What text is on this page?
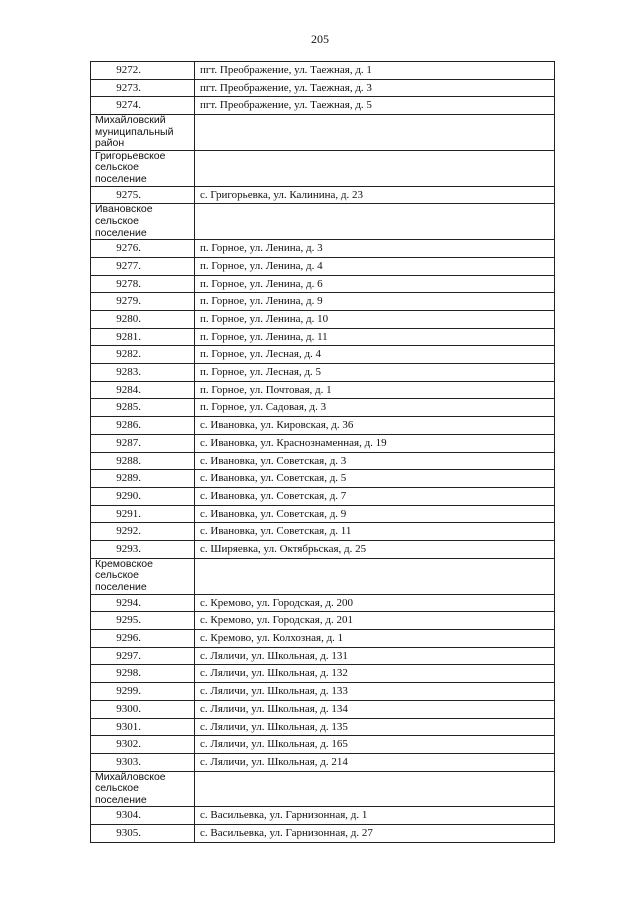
205
9272.	пгт. Преображение, ул. Таежная, д. 1
9273.	пгт. Преображение, ул. Таежная, д. 3
9274.	пгт. Преображение, ул. Таежная, д. 5

Михайловский
муниципальный
район	

Григорьевское
сельское
поселение	

9275.	с. Григорьевка, ул. Калинина, д. 23

Ивановское
сельское
поселение	

9276.	п. Горное, ул. Ленина, д. 3
9277.	п. Горное, ул. Ленина, д. 4
9278.	п. Горное, ул. Ленина, д. 6
9279.	п. Горное, ул. Ленина, д. 9
9280.	п. Горное, ул. Ленина, д. 10
9281.	п. Горное, ул. Ленина, д. 11
9282.	п. Горное, ул. Лесная, д. 4
9283.	п. Горное, ул. Лесная, д. 5
9284.	п. Горное, ул. Почтовая, д. 1
9285.	п. Горное, ул. Садовая, д. 3
9286.	с. Ивановка, ул. Кировская, д. 36
9287.	с. Ивановка, ул. Краснознаменная, д. 19
9288.	с. Ивановка, ул. Советская, д. 3
9289.	с. Ивановка, ул. Советская, д. 5
9290.	с. Ивановка, ул. Советская, д. 7
9291.	с. Ивановка, ул. Советская, д. 9
9292.	с. Ивановка, ул. Советская, д. 11
9293.	с. Ширяевка, ул. Октябрьская, д. 25

Кремовское
сельское
поселение	

9294.	с. Кремово, ул. Городская, д. 200
9295.	с. Кремово, ул. Городская, д. 201
9296.	с. Кремово, ул. Колхозная, д. 1
9297.	с. Ляличи, ул. Школьная, д. 131
9298.	с. Ляличи, ул. Школьная, д. 132
9299.	с. Ляличи, ул. Школьная, д. 133
9300.	с. Ляличи, ул. Школьная, д. 134
9301.	с. Ляличи, ул. Школьная, д. 135
9302.	с. Ляличи, ул. Школьная, д. 165
9303.	с. Ляличи, ул. Школьная, д. 214

Михайловское
сельское
поселение	

9304.	с. Васильевка, ул. Гарнизонная, д. 1
9305.	с. Васильевка, ул. Гарнизонная, д. 27
